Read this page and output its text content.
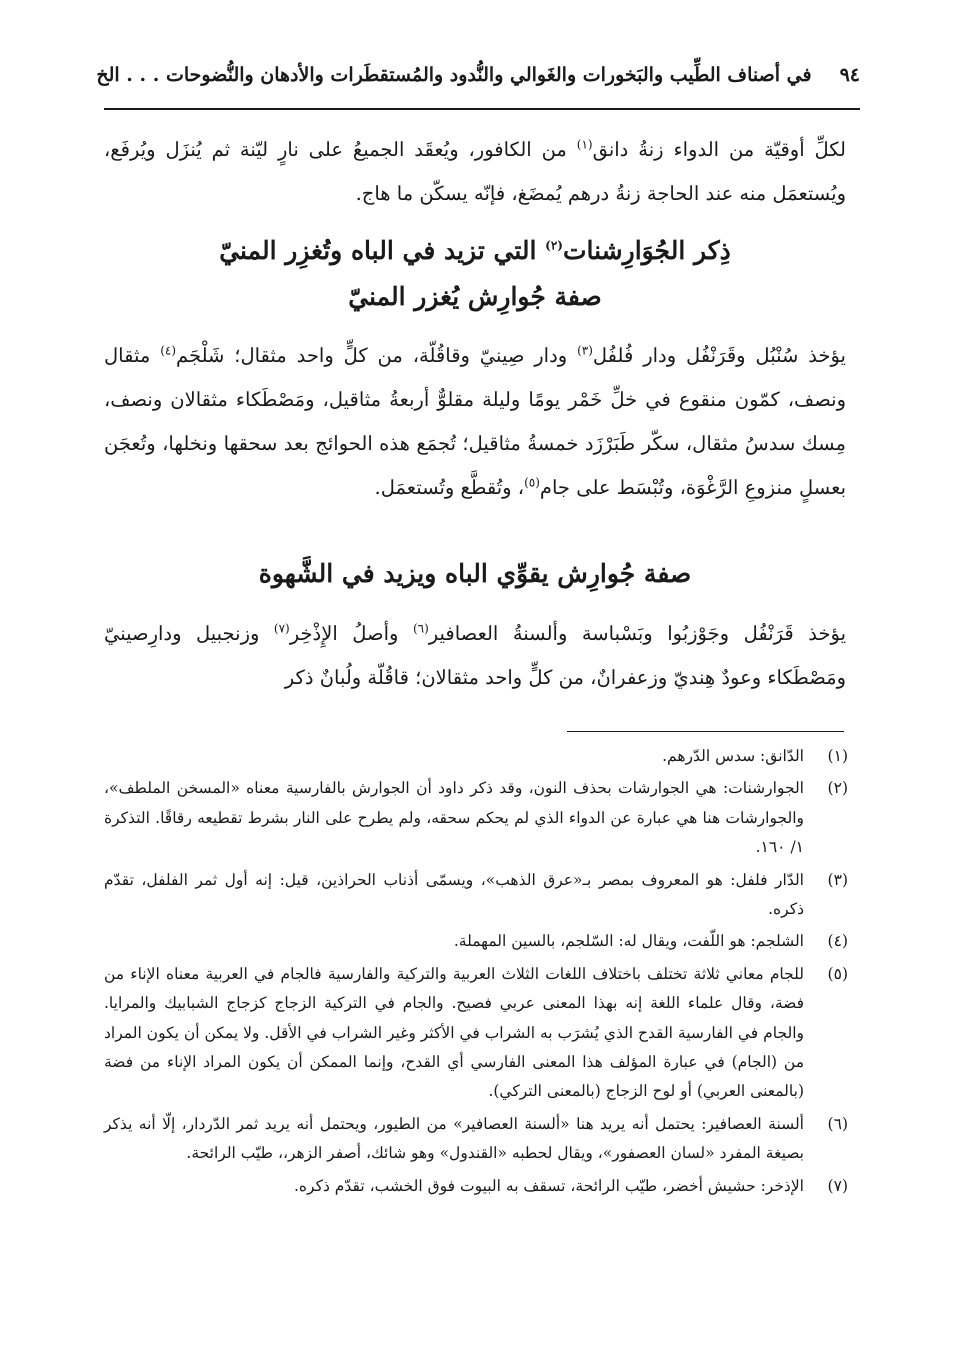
٩٤
في أصناف الطِّيب والبَخورات والغَوالي والنُّدود والمُستقطَرات والأدهان والنُّضوحات . . . الخ

لكلِّ أوقيّة من الدواء زنةُ دانق$^{(١)}$ من الكافور، ويُعقَد الجميعُ على نارٍ ليّنة ثم يُنزَل ويُرفَع، ويُستعمَل منه عند الحاجة زنةُ درهم يُمضَغ، فإنّه يسكّن ما هاج.

ذِكر الجُوَارِشنات$^{(٢)}$ التي تزيد في الباه وتُغزِر المنيّ
صفة جُوارِش يُغزر المنيّ

يؤخذ سُنْبُل وقَرَنْفُل ودار فُلفُل$^{(٣)}$ ودار صِينيّ وقاقُلّة، من كلٍّ واحد مثقال؛ شَلْجَم$^{(٤)}$ مثقال ونصف، كمّون منقوع في خلِّ خَمْر يومًا وليلة مقلوٌّ أربعةُ مثاقيل، ومَصْطَكاء مثقالان ونصف، مِسك سدسُ مثقال، سكّر طَبَرْزَد خمسةُ مثاقيل؛ تُجمَع هذه الحوائج بعد سحقها ونخلها، وتُعجَن بعسلٍ منزوعِ الرَّغْوَة، وتُبْسَط على جام$^{(٥)}$، وتُقطَّع وتُستعمَل.

صفة جُوارِش يقوِّي الباه ويزيد في الشَّهوة

يؤخذ قَرَنْفُل وجَوْزبُوا وبَسْباسة وألسنةُ العصافير$^{(٦)}$ وأصلُ الإِذْخِر$^{(٧)}$ وزنجبيل ودارِصينيّ ومَصْطَكاء وعودٌ هِنديّ وزعفرانٌ، من كلٍّ واحد مثقالان؛ قاقُلّة ولُبانٌ ذكر

(١)
الدّانق: سدس الدّرهم.
(٢)
الجوارشنات: هي الجوارشات بحذف النون، وقد ذكر داود أن الجوارش بالفارسية معناه «المسخن الملطف»، والجوارشات هنا هي عبارة عن الدواء الذي لم يحكم سحقه، ولم يطرح على النار بشرط تقطيعه رقاقًا. التذكرة ١/ ١٦٠.
(٣)
الدّار فلفل: هو المعروف بمصر بـ«عرق الذهب»، ويسمّى أذناب الحراذين، قيل: إنه أول ثمر الفلفل، تقدّم ذكره.
(٤)
الشلجم: هو اللّفت، ويقال له: السّلجم، بالسين المهملة.
(٥)
للجام معاني ثلاثة تختلف باختلاف اللغات الثلاث العربية والتركية والفارسية فالجام في العربية معناه الإناء من فضة، وقال علماء اللغة إنه بهذا المعنى عربي فصيح. والجام في التركية الزجاج كزجاج الشبابيك والمرايا. والجام في الفارسية القدح الذي يُشرَب به الشراب في الأكثر وغير الشراب في الأقل. ولا يمكن أن يكون المراد من (الجام) في عبارة المؤلف هذا المعنى الفارسي أي القدح، وإنما الممكن أن يكون المراد الإناء من فضة (بالمعنى العربي) أو لوح الزجاج (بالمعنى التركي).
(٦)
ألسنة العصافير: يحتمل أنه يريد هنا «ألسنة العصافير» من الطيور، ويحتمل أنه يريد ثمر الدّردار، إلّا أنه يذكر بصيغة المفرد «لسان العصفور»، ويقال لحطبه «القندول» وهو شائك، أصفر الزهر،، طيّب الرائحة.
(٧)
الإذخر: حشيش أخضر، طيّب الرائحة، تسقف به البيوت فوق الخشب، تقدّم ذكره.
